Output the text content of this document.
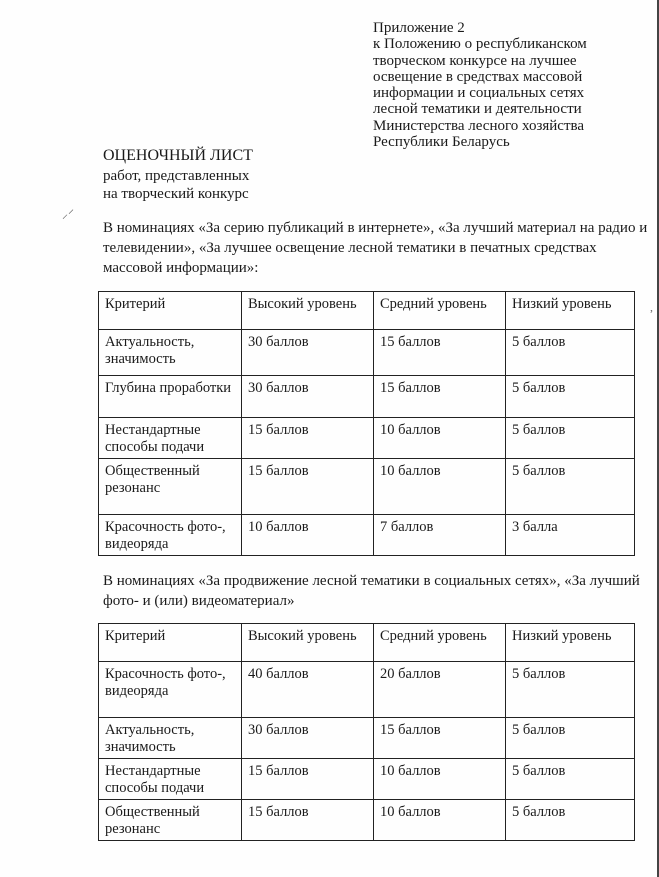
Приложение 2
к Положению о республиканском
творческом конкурсе на лучшее
освещение в средствах массовой
информации и социальных сетях
лесной тематики и деятельности
Министерства лесного хозяйства
Республики Беларусь
ОЦЕНОЧНЫЙ ЛИСТ
работ, представленных
на творческий конкурс
⸝⸍
,
В номинациях «За серию публикаций в интернете», «За лучший материал на радио и телевидении», «За лучшее освещение лесной тематики в печатных средствах массовой информации»:
Критерий	Высокий уровень	Средний уровень	Низкий уровень
Актуальность, значимость	30 баллов	15 баллов	5 баллов
Глубина проработки	30 баллов	15 баллов	5 баллов
Нестандартные способы подачи	15 баллов	10 баллов	5 баллов
Общественный резонанс	15 баллов	10 баллов	5 баллов
Красочность фото-, видеоряда	10 баллов	7 баллов	3 балла
В номинациях «За продвижение лесной тематики в социальных сетях», «За лучший фото- и (или) видеоматериал»
Критерий	Высокий уровень	Средний уровень	Низкий уровень
Красочность фото-, видеоряда	40 баллов	20 баллов	5 баллов
Актуальность, значимость	30 баллов	15 баллов	5 баллов
Нестандартные способы подачи	15 баллов	10 баллов	5 баллов
Общественный резонанс	15 баллов	10 баллов	5 баллов
